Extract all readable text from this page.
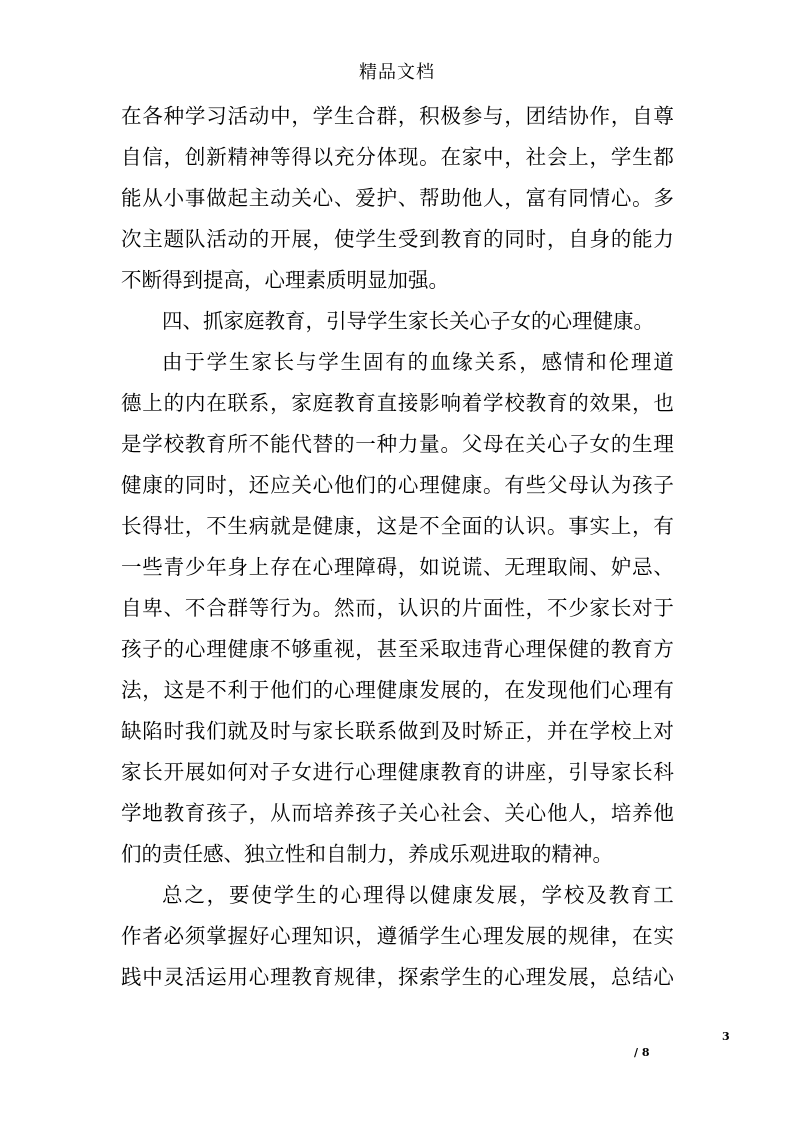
精品文档
在 各 种 学 习 活 动 中 ， 学 生 合 群 ， 积 极 参 与 ， 团 结 协 作 ， 自 尊
自 信 ， 创 新 精 神 等 得 以 充 分 体 现 。 在 家 中 ， 社 会 上 ， 学 生 都
能 从 小 事 做 起 主 动 关 心 、 爱 护 、 帮 助 他 人 ， 富 有 同 情 心 。 多
次 主 题 队 活 动 的 开 展 ， 使 学 生 受 到 教 育 的 同 时 ， 自 身 的 能 力
不断得到提高，心理素质明显加强。
四、抓家庭教育，引导学生家长关心子女的心理健康。
由 于 学 生 家 长 与 学 生 固 有 的 血 缘 关 系 ， 感 情 和 伦 理 道
德 上 的 内 在 联 系 ， 家 庭 教 育 直 接 影 响 着 学 校 教 育 的 效 果 ， 也
是 学 校 教 育 所 不 能 代 替 的 一 种 力 量 。 父 母 在 关 心 子 女 的 生 理
健 康 的 同 时 ， 还 应 关 心 他 们 的 心 理 健 康 。 有 些 父 母 认 为 孩 子
长 得 壮 ， 不 生 病 就 是 健 康 ， 这 是 不 全 面 的 认 识 。 事 实 上 ， 有
一 些 青 少 年 身 上 存 在 心 理 障 碍 ， 如 说 谎 、 无 理 取 闹 、 妒 忌 、
自 卑 、 不 合 群 等 行 为 。 然 而 ， 认 识 的 片 面 性 ， 不 少 家 长 对 于
孩 子 的 心 理 健 康 不 够 重 视 ， 甚 至 采 取 违 背 心 理 保 健 的 教 育 方
法 ， 这 是 不 利 于 他 们 的 心 理 健 康 发 展 的 ， 在 发 现 他 们 心 理 有
缺 陷 时 我 们 就 及 时 与 家 长 联 系 做 到 及 时 矫 正 ， 并 在 学 校 上 对
家 长 开 展 如 何 对 子 女 进 行 心 理 健 康 教 育 的 讲 座 ， 引 导 家 长 科
学 地 教 育 孩 子 ， 从 而 培 养 孩 子 关 心 社 会 、 关 心 他 人 ， 培 养 他
们的责任感、独立性和自制力，养成乐观进取的精神。
总 之 ， 要 使 学 生 的 心 理 得 以 健 康 发 展 ， 学 校 及 教 育 工
作 者 必 须 掌 握 好 心 理 知 识 ， 遵 循 学 生 心 理 发 展 的 规 律 ， 在 实
践 中 灵 活 运 用 心 理 教 育 规 律 ， 探 索 学 生 的 心 理 发 展 ， 总 结 心
3
/ 8
